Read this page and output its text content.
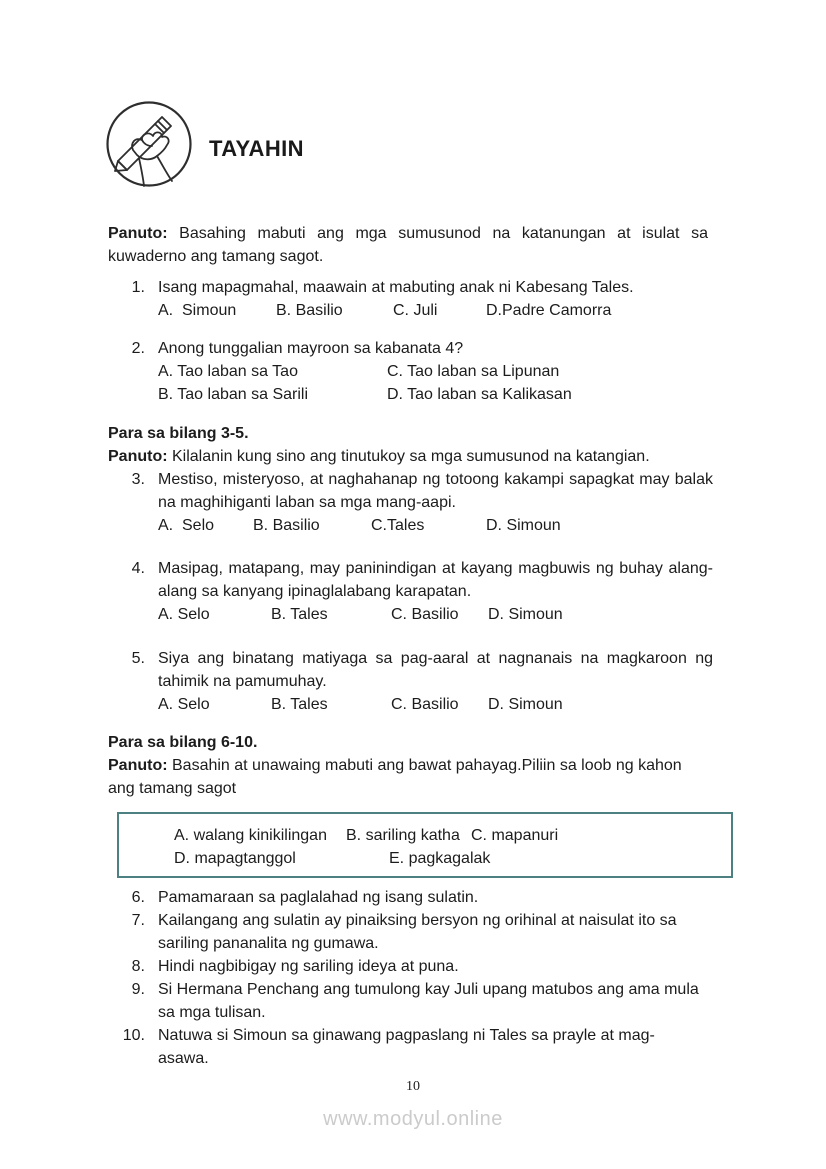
TAYAHIN

Panuto: Basahing mabuti ang mga sumusunod na katanungan at isulat sa kuwaderno ang tamang sagot.

1. Isang mapagmahal, maawain at mabuting anak ni Kabesang Tales.
A.  Simoun	B. Basilio	C. Juli	D.Padre Camorra
2. Anong tunggalian mayroon sa kabanata 4?
A. Tao laban sa Tao	C. Tao laban sa Lipunan
B. Tao laban sa Sarili	D. Tao laban sa Kalikasan
Para sa bilang 3-5.

Panuto: Kilalanin kung sino ang tinutukoy sa mga sumusunod na katangian.

3. Mestiso, misteryoso, at naghahanap ng totoong kakampi sapagkat may balak na maghihiganti laban sa mga mang-aapi.
A.  Selo	B. Basilio	C.Tales	D. Simoun
4. Masipag, matapang, may paninindigan at kayang magbuwis ng buhay alang-alang sa kanyang ipinaglalabang karapatan.
A. Selo	B. Tales	C. Basilio	D. Simoun
5. Siya ang binatang matiyaga sa pag-aaral at nagnanais na magkaroon ng tahimik na pamumuhay.
A. Selo	B. Tales	C. Basilio	D. Simoun
Para sa bilang 6-10.

Panuto: Basahin at unawaing mabuti ang bawat pahayag.Piliin sa loob ng kahon ang tamang sagot

A. walang kinikilingan	B. sariling katha C. mapanuri
D. mapagtanggol	E. pagkagalak
6. Pamamaraan sa paglalahad ng isang sulatin.
7. Kailangang ang sulatin ay pinaiksing bersyon ng orihinal at naisulat ito sa sariling pananalita ng gumawa.
8. Hindi nagbibigay ng sariling ideya at puna.
9. Si Hermana Penchang ang tumulong kay Juli upang matubos ang ama mula sa mga tulisan.
10. Natuwa si Simoun sa ginawang pagpaslang ni Tales sa prayle at mag-asawa.
10
www.modyul.online
